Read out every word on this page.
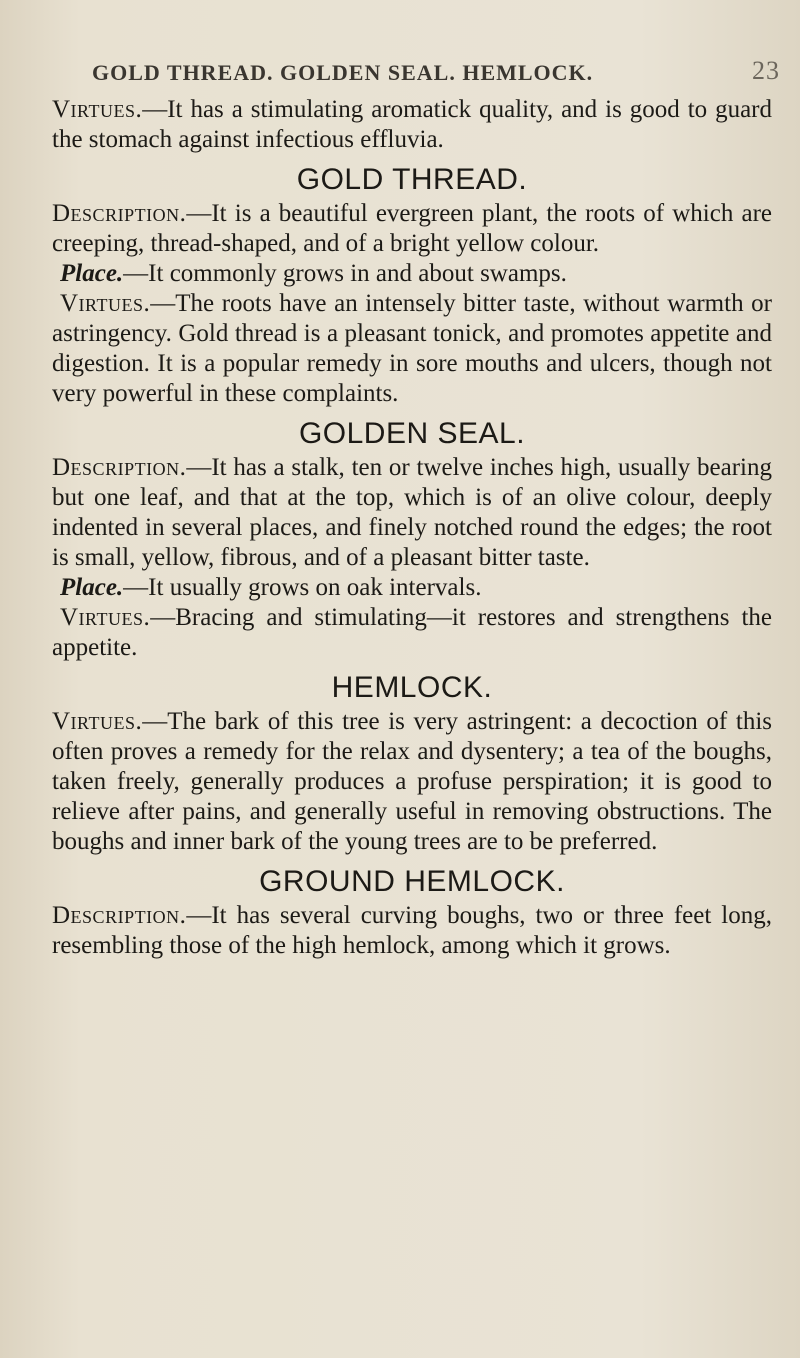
GOLD THREAD. GOLDEN SEAL. HEMLOCK.	23

Virtues.—It has a stimulating aromatick quality, and is good to guard the stomach against infectious effluvia.

GOLD THREAD.

Description.—It is a beautiful evergreen plant, the roots of which are creeping, thread-shaped, and of a bright yellow colour.

Place.—It commonly grows in and about swamps.

Virtues.—The roots have an intensely bitter taste, without warmth or astringency. Gold thread is a pleasant tonick, and promotes appetite and digestion. It is a popular remedy in sore mouths and ulcers, though not very powerful in these complaints.

GOLDEN SEAL.

Description.—It has a stalk, ten or twelve inches high, usually bearing but one leaf, and that at the top, which is of an olive colour, deeply indented in several places, and finely notched round the edges; the root is small, yellow, fibrous, and of a pleasant bitter taste.

Place.—It usually grows on oak intervals.

Virtues.—Bracing and stimulating—it restores and strengthens the appetite.

HEMLOCK.

Virtues.—The bark of this tree is very astringent: a decoction of this often proves a remedy for the relax and dysentery; a tea of the boughs, taken freely, generally produces a profuse perspiration; it is good to relieve after pains, and generally useful in removing obstructions. The boughs and inner bark of the young trees are to be preferred.

GROUND HEMLOCK.

Description.—It has several curving boughs, two or three feet long, resembling those of the high hemlock, among which it grows.
